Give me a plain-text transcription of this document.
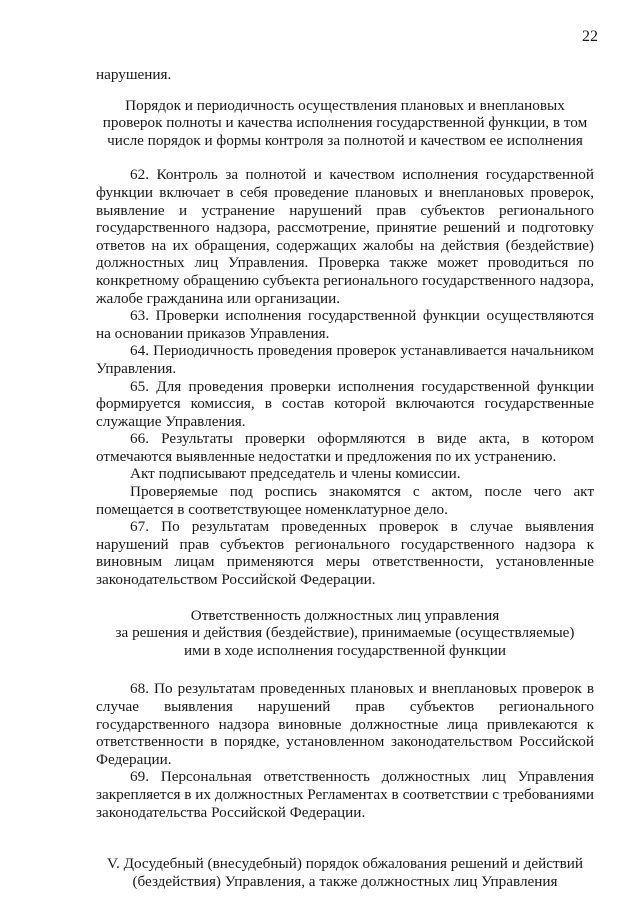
22

нарушения.

Порядок и периодичность осуществления плановых и внеплановых проверок полноты и качества исполнения государственной функции, в том числе порядок и формы контроля за полнотой и качеством ее исполнения

62. Контроль за полнотой и качеством исполнения государственной функции включает в себя проведение плановых и внеплановых проверок, выявление и устранение нарушений прав субъектов регионального государственного надзора, рассмотрение, принятие решений и подготовку ответов на их обращения, содержащих жалобы на действия (бездействие) должностных лиц Управления. Проверка также может проводиться по конкретному обращению субъекта регионального государственного надзора, жалобе гражданина или организации.

63. Проверки исполнения государственной функции осуществляются на основании приказов Управления.

64. Периодичность проведения проверок устанавливается начальником Управления.

65. Для проведения проверки исполнения государственной функции формируется комиссия, в состав которой включаются государственные служащие Управления.

66. Результаты проверки оформляются в виде акта, в котором отмечаются выявленные недостатки и предложения по их устранению.

Акт подписывают председатель и члены комиссии.

Проверяемые под роспись знакомятся с актом, после чего акт помещается в соответствующее номенклатурное дело.

67. По результатам проведенных проверок в случае выявления нарушений прав субъектов регионального государственного надзора к виновным лицам применяются меры ответственности, установленные законодательством Российской Федерации.

Ответственность должностных лиц управления
за решения и действия (бездействие), принимаемые (осуществляемые)
ими в ходе исполнения государственной функции

68. По результатам проведенных плановых и внеплановых проверок в случае выявления нарушений прав субъектов регионального государственного надзора виновные должностные лица привлекаются к ответственности в порядке, установленном законодательством Российской Федерации.

69. Персональная ответственность должностных лиц Управления закрепляется в их должностных Регламентах в соответствии с требованиями законодательства Российской Федерации.

V. Досудебный (внесудебный) порядок обжалования решений и действий
(бездействия) Управления, а также должностных лиц Управления
